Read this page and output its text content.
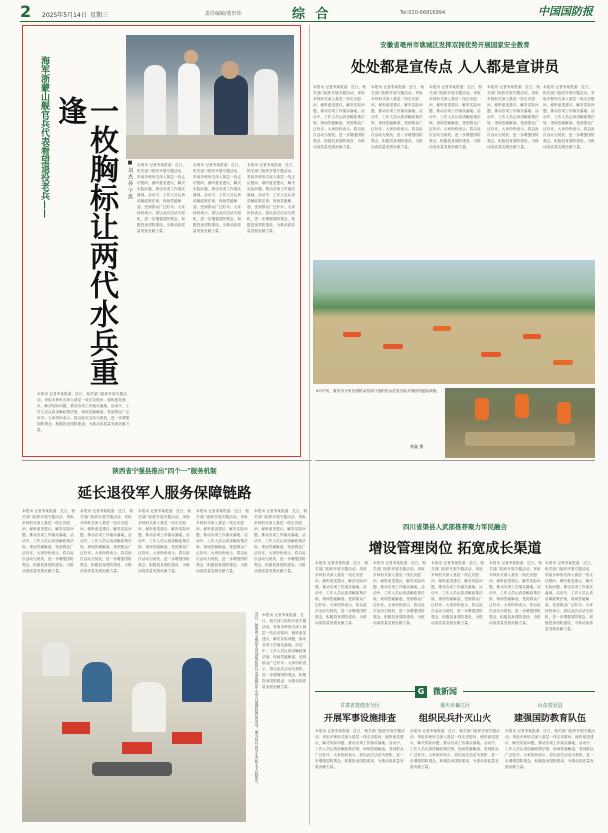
2 2025年5月14日 星期三	责任编辑/张轩玮	综 合	Tel:010-66816994	中国国防报
海军浙蒙山舰官兵代表看望退役老兵——	一枚胸标让两代水兵重逢
■ 刘 杰 孙 宇 凯 本报讯 记者李某报道：近日，相关部门组织开展专题活动，采取多种形式深入基层一线走访慰问，倾听意见建议，解决实际问题，推动各项工作落实落地。活动中，工作人员认真讲解政策法规，现场答疑解惑，受到群众广泛好评。大家纷纷表示，将以此次活动为契机，进一步增强国防观念，积极投身国防建设，为推动高质量发展贡献力量。
本报讯 记者李某报道：近日，相关部门组织开展专题活动，采取多种形式深入基层一线走访慰问，倾听意见建议，解决实际问题，推动各项工作落实落地。活动中，工作人员认真讲解政策法规，现场答疑解惑，受到群众广泛好评。大家纷纷表示，将以此次活动为契机，进一步增强国防观念，积极投身国防建设，为推动高质量发展贡献力量。
本报讯 记者李某报道：近日，相关部门组织开展专题活动，采取多种形式深入基层一线走访慰问，倾听意见建议，解决实际问题，推动各项工作落实落地。活动中，工作人员认真讲解政策法规，现场答疑解惑，受到群众广泛好评。大家纷纷表示，将以此次活动为契机，进一步增强国防观念，积极投身国防建设，为推动高质量发展贡献力量。
本报讯 记者李某报道：近日，相关部门组织开展专题活动，采取多种形式深入基层一线走访慰问，倾听意见建议，解决实际问题，推动各项工作落实落地。活动中，工作人员认真讲解政策法规，现场答疑解惑，受到群众广泛好评。大家纷纷表示，将以此次活动为契机，进一步增强国防观念，积极投身国防建设，为推动高质量发展贡献力量。
安徽省亳州市谯城区发挥双拥优势开展国家安全教育
处处都是宣传点 人人都是宣讲员
本报讯 记者李某报道：近日，相关部门组织开展专题活动，采取多种形式深入基层一线走访慰问，倾听意见建议，解决实际问题，推动各项工作落实落地。活动中，工作人员认真讲解政策法规，现场答疑解惑，受到群众广泛好评。大家纷纷表示，将以此次活动为契机，进一步增强国防观念，积极投身国防建设，为推动高质量发展贡献力量。
本报讯 记者李某报道：近日，相关部门组织开展专题活动，采取多种形式深入基层一线走访慰问，倾听意见建议，解决实际问题，推动各项工作落实落地。活动中，工作人员认真讲解政策法规，现场答疑解惑，受到群众广泛好评。大家纷纷表示，将以此次活动为契机，进一步增强国防观念，积极投身国防建设，为推动高质量发展贡献力量。
本报讯 记者李某报道：近日，相关部门组织开展专题活动，采取多种形式深入基层一线走访慰问，倾听意见建议，解决实际问题，推动各项工作落实落地。活动中，工作人员认真讲解政策法规，现场答疑解惑，受到群众广泛好评。大家纷纷表示，将以此次活动为契机，进一步增强国防观念，积极投身国防建设，为推动高质量发展贡献力量。
本报讯 记者李某报道：近日，相关部门组织开展专题活动，采取多种形式深入基层一线走访慰问，倾听意见建议，解决实际问题，推动各项工作落实落地。活动中，工作人员认真讲解政策法规，现场答疑解惑，受到群众广泛好评。大家纷纷表示，将以此次活动为契机，进一步增强国防观念，积极投身国防建设，为推动高质量发展贡献力量。
本报讯 记者李某报道：近日，相关部门组织开展专题活动，采取多种形式深入基层一线走访慰问，倾听意见建议，解决实际问题，推动各项工作落实落地。活动中，工作人员认真讲解政策法规，现场答疑解惑，受到群众广泛好评。大家纷纷表示，将以此次活动为契机，进一步增强国防观念，积极投身国防建设，为推动高质量发展贡献力量。
8月中旬，重庆市万州区国防动员部门组织民兵应急分队开展防汛抢险演练。
黄鑫 摄
陕西省宁强县推出"四个一"服务机制
延长退役军人服务保障链路
本报讯 记者李某报道：近日，相关部门组织开展专题活动，采取多种形式深入基层一线走访慰问，倾听意见建议，解决实际问题，推动各项工作落实落地。活动中，工作人员认真讲解政策法规，现场答疑解惑，受到群众广泛好评。大家纷纷表示，将以此次活动为契机，进一步增强国防观念，积极投身国防建设，为推动高质量发展贡献力量。
本报讯 记者李某报道：近日，相关部门组织开展专题活动，采取多种形式深入基层一线走访慰问，倾听意见建议，解决实际问题，推动各项工作落实落地。活动中，工作人员认真讲解政策法规，现场答疑解惑，受到群众广泛好评。大家纷纷表示，将以此次活动为契机，进一步增强国防观念，积极投身国防建设，为推动高质量发展贡献力量。
本报讯 记者李某报道：近日，相关部门组织开展专题活动，采取多种形式深入基层一线走访慰问，倾听意见建议，解决实际问题，推动各项工作落实落地。活动中，工作人员认真讲解政策法规，现场答疑解惑，受到群众广泛好评。大家纷纷表示，将以此次活动为契机，进一步增强国防观念，积极投身国防建设，为推动高质量发展贡献力量。
本报讯 记者李某报道：近日，相关部门组织开展专题活动，采取多种形式深入基层一线走访慰问，倾听意见建议，解决实际问题，推动各项工作落实落地。活动中，工作人员认真讲解政策法规，现场答疑解惑，受到群众广泛好评。大家纷纷表示，将以此次活动为契机，进一步增强国防观念，积极投身国防建设，为推动高质量发展贡献力量。
本报讯 记者李某报道：近日，相关部门组织开展专题活动，采取多种形式深入基层一线走访慰问，倾听意见建议，解决实际问题，推动各项工作落实落地。活动中，工作人员认真讲解政策法规，现场答疑解惑，受到群众广泛好评。大家纷纷表示，将以此次活动为契机，进一步增强国防观念，积极投身国防建设，为推动高质量发展贡献力量。
近日，陕西省宁强县人武部组织民兵走进辖区中小学开展国防教育活动。图为民兵向学生介绍无人机知识。 本报讯 记者李某报道：近日，相关部门组织开展专题活动，采取多种形式深入基层一线走访慰问，倾听意见建议，解决实际问题，推动各项工作落实落地。活动中，工作人员认真讲解政策法规，现场答疑解惑，受到群众广泛好评。大家纷纷表示，将以此次活动为契机，进一步增强国防观念，积极投身国防建设，为推动高质量发展贡献力量。
四川省渠县人武部推荐聚力军民融合
增设管理岗位 拓宽成长渠道
本报讯 记者李某报道：近日，相关部门组织开展专题活动，采取多种形式深入基层一线走访慰问，倾听意见建议，解决实际问题，推动各项工作落实落地。活动中，工作人员认真讲解政策法规，现场答疑解惑，受到群众广泛好评。大家纷纷表示，将以此次活动为契机，进一步增强国防观念，积极投身国防建设，为推动高质量发展贡献力量。
本报讯 记者李某报道：近日，相关部门组织开展专题活动，采取多种形式深入基层一线走访慰问，倾听意见建议，解决实际问题，推动各项工作落实落地。活动中，工作人员认真讲解政策法规，现场答疑解惑，受到群众广泛好评。大家纷纷表示，将以此次活动为契机，进一步增强国防观念，积极投身国防建设，为推动高质量发展贡献力量。
本报讯 记者李某报道：近日，相关部门组织开展专题活动，采取多种形式深入基层一线走访慰问，倾听意见建议，解决实际问题，推动各项工作落实落地。活动中，工作人员认真讲解政策法规，现场答疑解惑，受到群众广泛好评。大家纷纷表示，将以此次活动为契机，进一步增强国防观念，积极投身国防建设，为推动高质量发展贡献力量。
本报讯 记者李某报道：近日，相关部门组织开展专题活动，采取多种形式深入基层一线走访慰问，倾听意见建议，解决实际问题，推动各项工作落实落地。活动中，工作人员认真讲解政策法规，现场答疑解惑，受到群众广泛好评。大家纷纷表示，将以此次活动为契机，进一步增强国防观念，积极投身国防建设，为推动高质量发展贡献力量。
本报讯 记者李某报道：近日，相关部门组织开展专题活动，采取多种形式深入基层一线走访慰问，倾听意见建议，解决实际问题，推动各项工作落实落地。活动中，工作人员认真讲解政策法规，现场答疑解惑，受到群众广泛好评。大家纷纷表示，将以此次活动为契机，进一步增强国防观念，积极投身国防建设，为推动高质量发展贡献力量。
G	微新闻
甘肃省敦煌市分区
开展军事设施排查
本报讯 记者李某报道：近日，相关部门组织开展专题活动，采取多种形式深入基层一线走访慰问，倾听意见建议，解决实际问题，推动各项工作落实落地。活动中，工作人员认真讲解政策法规，现场答疑解惑，受到群众广泛好评。大家纷纷表示，将以此次活动为契机，进一步增强国防观念，积极投身国防建设，为推动高质量发展贡献力量。
重庆市綦江区
组织民兵扑灭山火
本报讯 记者李某报道：近日，相关部门组织开展专题活动，采取多种形式深入基层一线走访慰问，倾听意见建议，解决实际问题，推动各项工作落实落地。活动中，工作人员认真讲解政策法规，现场答疑解惑，受到群众广泛好评。大家纷纷表示，将以此次活动为契机，进一步增强国防观念，积极投身国防建设，为推动高质量发展贡献力量。
山东省冠县
建强国防教育队伍
本报讯 记者李某报道：近日，相关部门组织开展专题活动，采取多种形式深入基层一线走访慰问，倾听意见建议，解决实际问题，推动各项工作落实落地。活动中，工作人员认真讲解政策法规，现场答疑解惑，受到群众广泛好评。大家纷纷表示，将以此次活动为契机，进一步增强国防观念，积极投身国防建设，为推动高质量发展贡献力量。
